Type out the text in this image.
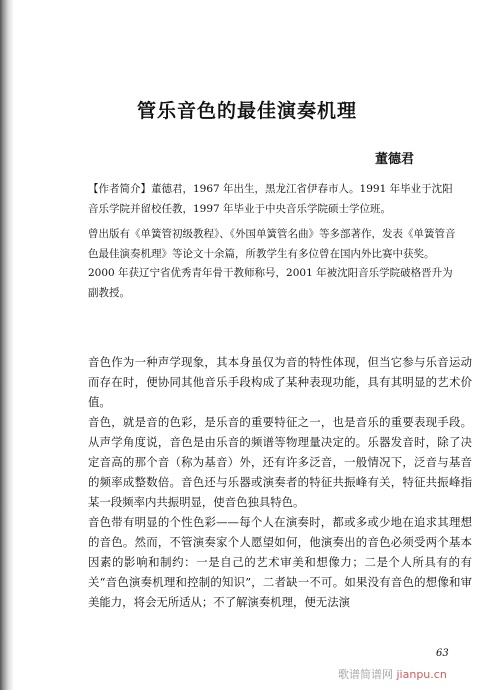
管乐音色的最佳演奏机理
董德君

【作者简介】董德君，1967 年出生，黑龙江省伊春市人。1991 年毕业于沈阳音乐学院并留校任教，1997 年毕业于中央音乐学院硕士学位班。

曾出版有《单簧管初级教程》、《外国单簧管名曲》等多部著作，发表《单簧管音色最佳演奏机理》等论文十余篇，所教学生有多位曾在国内外比赛中获奖。2000 年获辽宁省优秀青年骨干教师称号，2001 年被沈阳音乐学院破格晋升为副教授。

音色作为一种声学现象，其本身虽仅为音的特性体现，但当它参与乐音运动而存在时，便协同其他音乐手段构成了某种表现功能，具有其明显的艺术价值。

音色，就是音的色彩，是乐音的重要特征之一，也是音乐的重要表现手段。从声学角度说，音色是由乐音的频谱等物理量决定的。乐器发音时，除了决定音高的那个音（称为基音）外，还有许多泛音，一般情况下，泛音与基音的频率成整数倍。音色还与乐器或演奏者的特征共振峰有关，特征共振峰指某一段频率内共振明显，使音色独具特色。

音色带有明显的个性色彩——每个人在演奏时，都或多或少地在追求其理想的音色。然而，不管演奏家个人愿望如何，他演奏出的音色必须受两个基本因素的影响和制约：一是自己的艺术审美和想像力；二是个人所具有的有关“音色演奏机理和控制的知识”，二者缺一不可。如果没有音色的想像和审美能力，将会无所适从；不了解演奏机理，便无法演

63
歌谱简谱网 jianpu.cn
